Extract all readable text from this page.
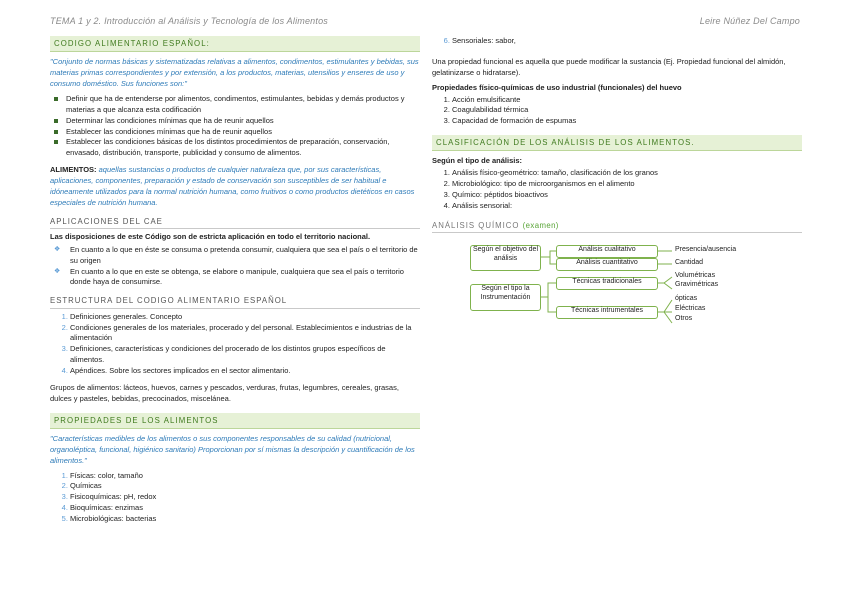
TEMA 1 y 2. Introducción al Análisis y Tecnología de los Alimentos	Leire Núñez Del Campo
CODIGO ALIMENTARIO ESPAÑOL:

"Conjunto de normas básicas y sistematizadas relativas a alimentos, condimentos, estimulantes y bebidas, sus materias primas correspondientes y por extensión, a los productos, materias, utensilios y enseres de uso y consumo doméstico. Sus funciones son:"

Definir que ha de entenderse por alimentos, condimentos, estimulantes, bebidas y demás productos y materias a que alcanza esta codificación
Determinar las condiciones mínimas que ha de reunir aquellos
Establecer las condiciones mínimas que ha de reunir aquellos
Establecer las condiciones básicas de los distintos procedimientos de preparación, conservación, envasado, distribución, transporte, publicidad y consumo de alimentos.

ALIMENTOS: aquellas sustancias o productos de cualquier naturaleza que, por sus características, aplicaciones, componentes, preparación y estado de conservación son susceptibles de ser habitual e idóneamente utilizados para la normal nutrición humana, como fruitivos o como productos dietéticos en casos especiales de nutrición humana.

APLICACIONES DEL CAE

Las disposiciones de este Código son de estricta aplicación en todo el territorio nacional.

❖ En cuanto a lo que en éste se consuma o pretenda consumir, cualquiera que sea el país o el territorio de su origen
❖ En cuanto a lo que en este se obtenga, se elabore o manipule, cualquiera que sea el país o territorio donde haya de consumirse.
ESTRUCTURA DEL CODIGO ALIMENTARIO ESPAÑOL
1. Definiciones generales. Concepto
2. Condiciones generales de los materiales, procerado y del personal. Establecimientos e industrias de la alimentación
3. Definiciones, características y condiciones del procerado de los distintos grupos específicos de alimentos.
4. Apéndices. Sobre los sectores implicados en el sector alimentario.

Grupos de alimentos: lácteos, huevos, carnes y pescados, verduras, frutas, legumbres, cereales, grasas, dulces y pasteles, bebidas, precocinados, miscelánea.

PROPIEDADES DE LOS ALIMENTOS

"Características medibles de los alimentos o sus componentes responsables de su calidad (nutricional, organoléptica, funcional, higiénico sanitario) Proporcionan por sí mismas la descripción y cuantificación de los alimentos."

1. Físicas: color, tamaño
2. Químicas
3. Fisicoquímicas: pH, redox
4. Bioquímicas: enzimas
5. Microbiológicas: bacterias
6. Sensoriales: sabor,

Una propiedad funcional es aquella que puede modificar la sustancia (Ej. Propiedad funcional del almidón, gelatinizarse o hidratarse).

Propiedades físico-químicas de uso industrial (funcionales) del huevo

1. Acción emulsificante
2. Coagulabilidad térmica
3. Capacidad de formación de espumas
CLASIFICACIÓN DE LOS ANÁLISIS DE LOS ALIMENTOS.

Según el tipo de análisis:

1. Análisis físico-geométrico: tamaño, clasificación de los granos
2. Microbiológico: tipo de microorganismos en el alimento
3. Químico: péptidos bioactivos
4. Análisis sensorial:
ANÁLISIS QUÍMICO (examen)
Según el objetivo del análisis
Análisis cualitativo
Análisis cuantitativo
Presencia/ausencia
Cantidad
Según el tipo la Instrumentación
Técnicas tradicionales
Técnicas intrumentales
Volumétricas
Gravimétricas
ópticas
Eléctricas
Otros
